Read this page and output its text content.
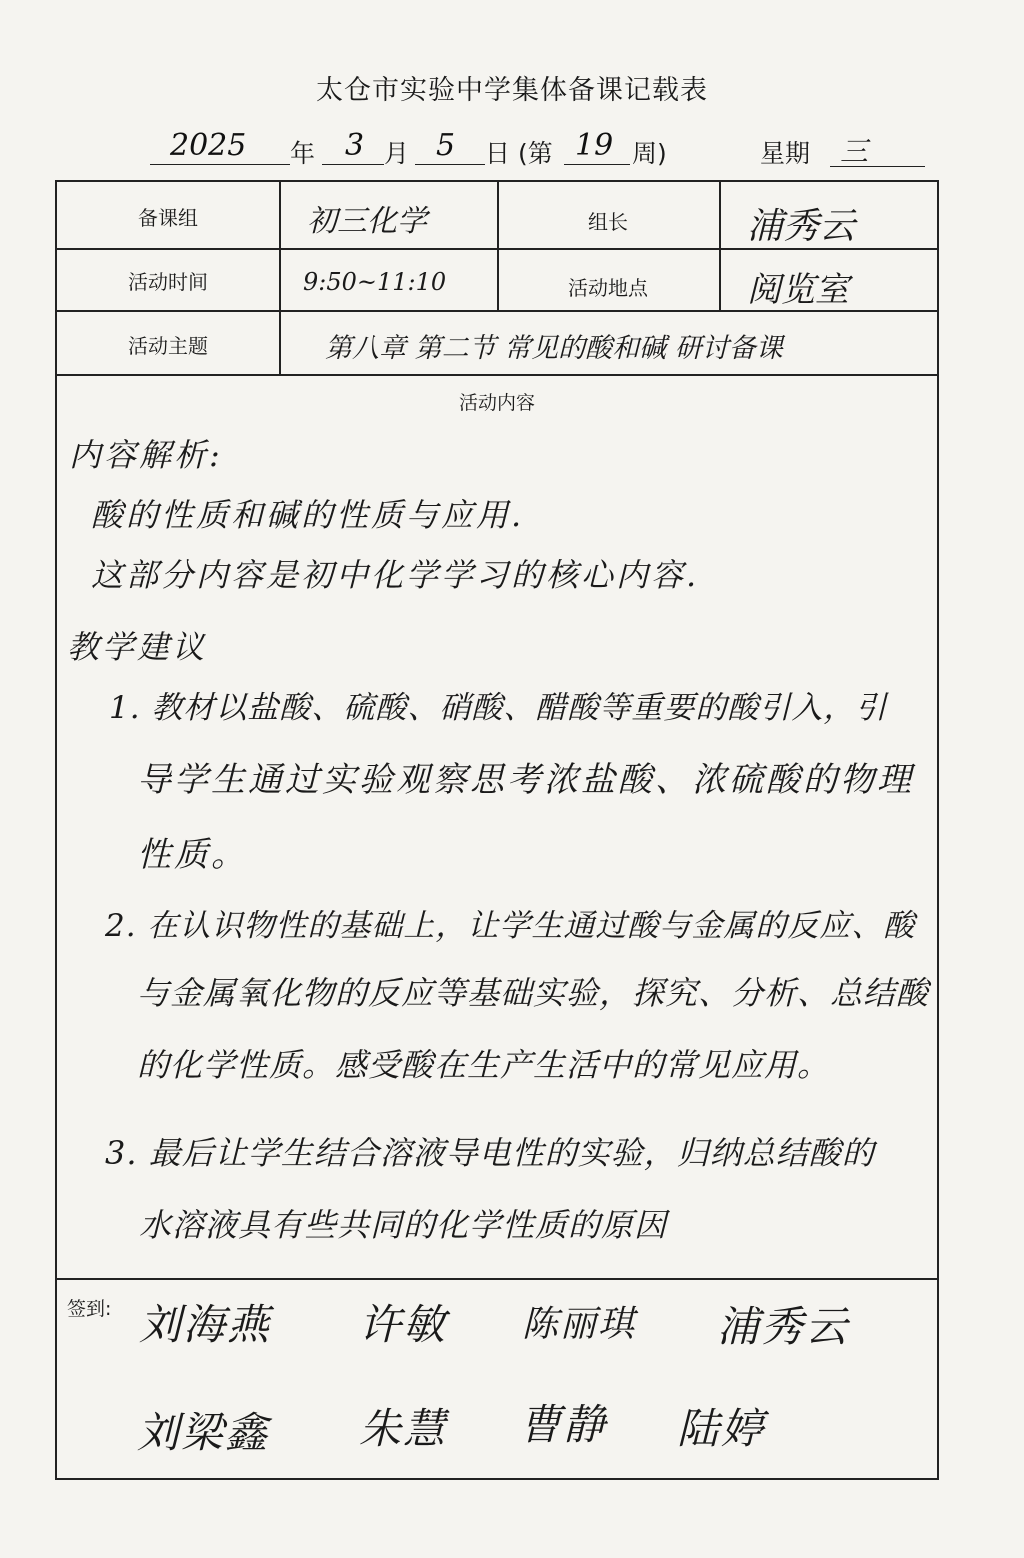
太仓市实验中学集体备课记载表
2025 年 3 月 5 日 (第 19 周)	星期 三
备课组	初三化学	组长	浦秀云
活动时间	9:50~11:10	活动地点	阅览室
活动主题	第八章 第二节 常见的酸和碱 研讨备课
活动内容
内容解析:
酸的性质和碱的性质与应用.
这部分内容是初中化学学习的核心内容.
教学建议
1. 教材以盐酸、硫酸、硝酸、醋酸等重要的酸引入，引
导学生通过实验观察思考浓盐酸、浓硫酸的物理
性质。
2. 在认识物性的基础上，让学生通过酸与金属的反应、酸
与金属氧化物的反应等基础实验，探究、分析、总结酸
的化学性质。感受酸在生产生活中的常见应用。
3. 最后让学生结合溶液导电性的实验，归纳总结酸的
水溶液具有些共同的化学性质的原因
签到: 刘海燕 许敏 陈丽琪 浦秀云
刘梁鑫 朱慧 曹静 陆婷
